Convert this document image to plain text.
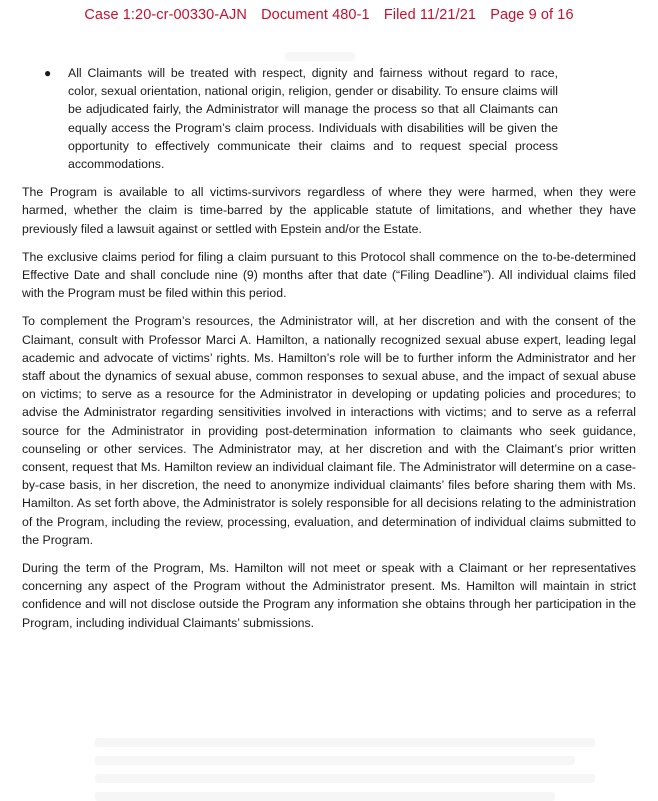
Case 1:20-cr-00330-AJN Document 480-1 Filed 11/21/21 Page 9 of 16
●	All Claimants will be treated with respect, dignity and fairness without regard to race, color, sexual orientation, national origin, religion, gender or disability. To ensure claims will be adjudicated fairly, the Administrator will manage the process so that all Claimants can equally access the Program’s claim process. Individuals with disabilities will be given the opportunity to effectively communicate their claims and to request special process accommodations.

The Program is available to all victims-survivors regardless of where they were harmed, when they were harmed, whether the claim is time-barred by the applicable statute of limitations, and whether they have previously filed a lawsuit against or settled with Epstein and/or the Estate.

The exclusive claims period for filing a claim pursuant to this Protocol shall commence on the to-be-determined Effective Date and shall conclude nine (9) months after that date (“Filing Deadline”). All individual claims filed with the Program must be filed within this period.

To complement the Program’s resources, the Administrator will, at her discretion and with the consent of the Claimant, consult with Professor Marci A. Hamilton, a nationally recognized sexual abuse expert, leading legal academic and advocate of victims’ rights. Ms. Hamilton’s role will be to further inform the Administrator and her staff about the dynamics of sexual abuse, common responses to sexual abuse, and the impact of sexual abuse on victims; to serve as a resource for the Administrator in developing or updating policies and procedures; to advise the Administrator regarding sensitivities involved in interactions with victims; and to serve as a referral source for the Administrator in providing post-determination information to claimants who seek guidance, counseling or other services. The Administrator may, at her discretion and with the Claimant’s prior written consent, request that Ms. Hamilton review an individual claimant file. The Administrator will determine on a case-by-case basis, in her discretion, the need to anonymize individual claimants’ files before sharing them with Ms. Hamilton. As set forth above, the Administrator is solely responsible for all decisions relating to the administration of the Program, including the review, processing, evaluation, and determination of individual claims submitted to the Program.

During the term of the Program, Ms. Hamilton will not meet or speak with a Claimant or her representatives concerning any aspect of the Program without the Administrator present. Ms. Hamilton will maintain in strict confidence and will not disclose outside the Program any information she obtains through her participation in the Program, including individual Claimants’ submissions.
